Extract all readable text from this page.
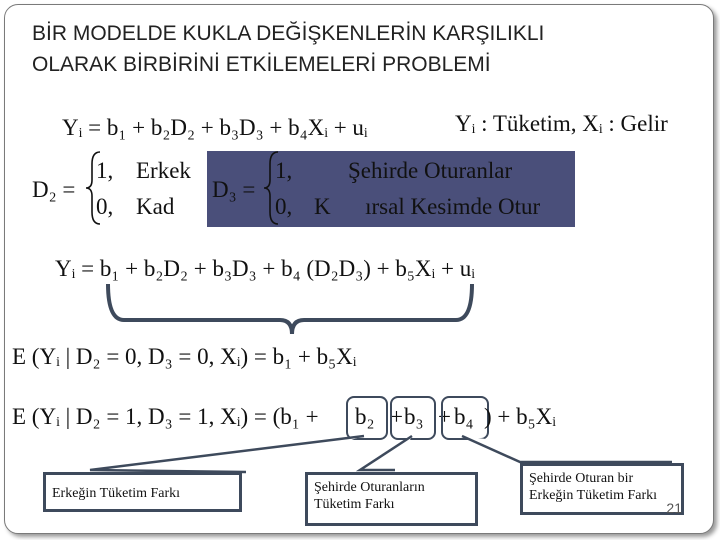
BİR MODELDE KUKLA DEĞİŞKENLERİN KARŞILIKLI
OLARAK BİRBİRİNİ ETKİLEMELERİ PROBLEMİ
Yᵢ = b₁ + b₂D₂ + b₃D₃ + b₄Xᵢ + uᵢ	Yᵢ : Tüketim, Xᵢ : Gelir
D₂ =
1, Erkek
0, Kad
D₃ =
1, Şehirde Oturanlar
0, K      ırsal Kesimde Otur
Yᵢ = b₁ + b₂D₂ + b₃D₃ + b₄ (D₂D₃) + b₅Xᵢ + uᵢ
E (Yᵢ | D₂ = 0, D₃ = 0, Xᵢ) = b₁ + b₅Xᵢ
E (Yᵢ | D₂ = 1, D₃ = 1, Xᵢ) = (b₁ + b₂ + b₃ + b₄ ) + b₅Xᵢ
Erkeğin Tüketim Farkı	Şehirde Oturanların Tüketim Farkı
Şehirde Oturan bir Erkeğin Tüketim Farkı
21
